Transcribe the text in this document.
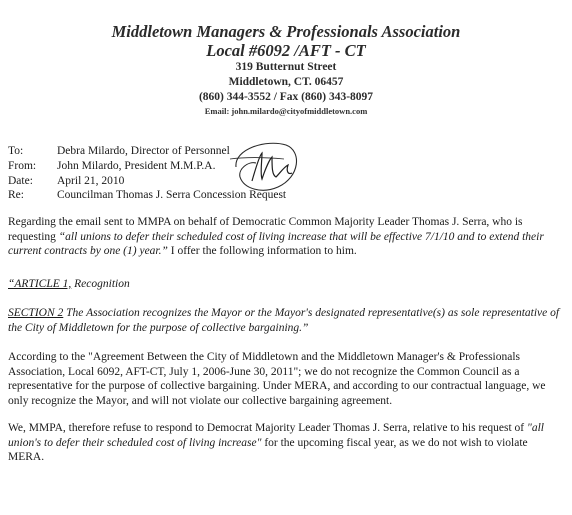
Middletown Managers & Professionals Association
Local #6092 /AFT - CT
319 Butternut Street
Middletown, CT. 06457
(860) 344-3552 / Fax (860) 343-8097
Email: john.milardo@cityofmiddletown.com
To:	Debra Milardo, Director of Personnel
From:	John Milardo, President M.M.P.A.
Date:	April 21, 2010
Re:	Councilman Thomas J. Serra Concession Request
Regarding the email sent to MMPA on behalf of Democratic Common Majority Leader Thomas J. Serra, who is requesting “all unions to defer their scheduled cost of living increase that will be effective 7/1/10 and to extend their current contracts by one (1) year.” I offer the following information to him.
“ARTICLE 1, Recognition
SECTION 2 The Association recognizes the Mayor or the Mayor's designated representative(s) as sole representative of the City of Middletown for the purpose of collective bargaining.”
According to the "Agreement Between the City of Middletown and the Middletown Manager's & Professionals Association, Local 6092, AFT-CT, July 1, 2006-June 30, 2011"; we do not recognize the Common Council as a representative for the purpose of collective bargaining. Under MERA, and according to our contractual language, we only recognize the Mayor, and will not violate our collective bargaining agreement.
We, MMPA, therefore refuse to respond to Democrat Majority Leader Thomas J. Serra, relative to his request of "all union's to defer their scheduled cost of living increase" for the upcoming fiscal year, as we do not wish to violate MERA.
